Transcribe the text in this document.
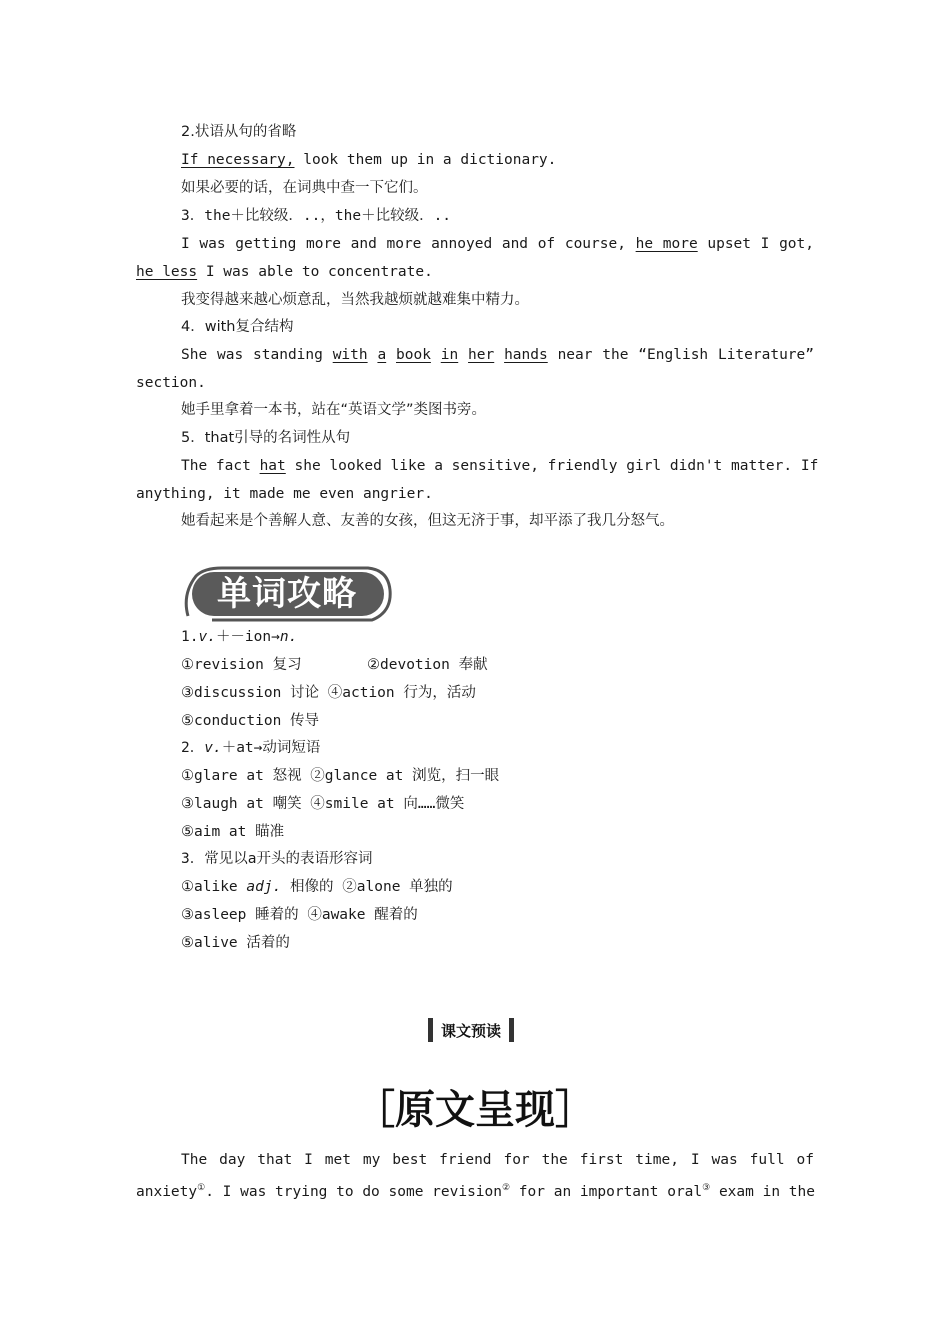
2.状语从句的省略
If necessary, look them up in a dictionary.
如果必要的话，在词典中查一下它们。
3．the＋比较级．..，the＋比较级．..
I was getting more and more annoyed and of course, he more upset I got,
he less I was able to concentrate.
我变得越来越心烦意乱，当然我越烦就越难集中精力。
4．with复合结构
She was standing with a book in her hands near the “English Literature”
section.
她手里拿着一本书，站在“英语文学”类图书旁。
5．that引导的名词性从句
The fact hat she looked like a sensitive, friendly girl didn't matter. If
anything, it made me even angrier.
她看起来是个善解人意、友善的女孩，但这无济于事，却平添了我几分怒气。
单词攻略
1.v.＋－ion→n.
①revision 复习	②devotion 奉献
③discussion 讨论 ④action 行为，活动
⑤conduction 传导
2．v.＋at→动词短语
①glare at 怒视 ②glance at 浏览，扫一眼
③laugh at 嘲笑 ④smile at 向……微笑
⑤aim at 瞄准
3．常见以a开头的表语形容词
①alike adj. 相像的 ②alone 单独的
③asleep 睡着的 ④awake 醒着的
⑤alive 活着的
课文预读
［原文呈现］
The day that I met my best friend for the first time, I was full of
anxiety①. I was trying to do some revision② for an important oral③ exam in the
